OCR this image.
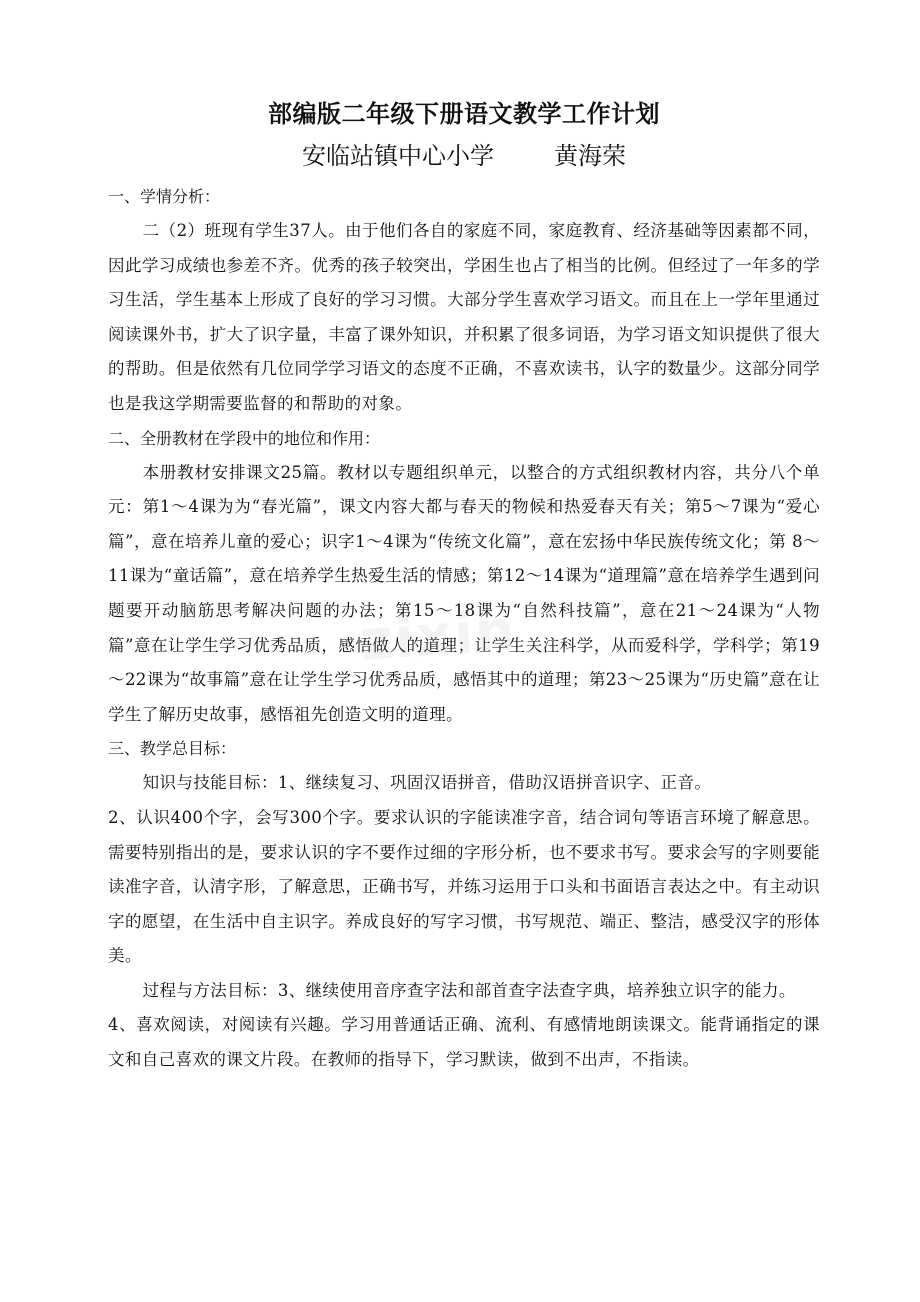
部编版二年级下册语文教学工作计划
安临站镇中心小学	黄海荣

一、学情分析：

二（2）班现有学生37人。由于他们各自的家庭不同，家庭教育、经济基础等因素都不同，因此学习成绩也参差不齐。优秀的孩子较突出，学困生也占了相当的比例。但经过了一年多的学习生活，学生基本上形成了良好的学习习惯。大部分学生喜欢学习语文。而且在上一学年里通过阅读课外书，扩大了识字量，丰富了课外知识，并积累了很多词语，为学习语文知识提供了很大的帮助。但是依然有几位同学学习语文的态度不正确，不喜欢读书，认字的数量少。这部分同学也是我这学期需要监督的和帮助的对象。

二、全册教材在学段中的地位和作用：

本册教材安排课文25篇。教材以专题组织单元，以整合的方式组织教材内容，共分八个单元：第1～4课为为“春光篇”，课文内容大都与春天的物候和热爱春天有关；第5～7课为“爱心篇”，意在培养儿童的爱心；识字1～4课为“传统文化篇”，意在宏扬中华民族传统文化；第 8～11课为“童话篇”，意在培养学生热爱生活的情感；第12～14课为“道理篇”意在培养学生遇到问题要开动脑筋思考解决问题的办法；第15～18课为“自然科技篇”，意在21～24课为“人物篇”意在让学生学习优秀品质，感悟做人的道理；让学生关注科学，从而爱科学，学科学；第19～22课为“故事篇”意在让学生学习优秀品质，感悟其中的道理；第23～25课为“历史篇”意在让学生了解历史故事，感悟祖先创造文明的道理。

三、教学总目标：

知识与技能目标：1、继续复习、巩固汉语拼音，借助汉语拼音识字、正音。

2、认识400个字，会写300个字。要求认识的字能读准字音，结合词句等语言环境了解意思。需要特别指出的是，要求认识的字不要作过细的字形分析，也不要求书写。要求会写的字则要能读准字音，认清字形，了解意思，正确书写，并练习运用于口头和书面语言表达之中。有主动识字的愿望，在生活中自主识字。养成良好的写字习惯，书写规范、端正、整洁，感受汉字的形体美。

过程与方法目标：3、继续使用音序查字法和部首查字法查字典，培养独立识字的能力。

4、喜欢阅读，对阅读有兴趣。学习用普通话正确、流利、有感情地朗读课文。能背诵指定的课文和自己喜欢的课文片段。在教师的指导下，学习默读，做到不出声，不指读。

zixin
